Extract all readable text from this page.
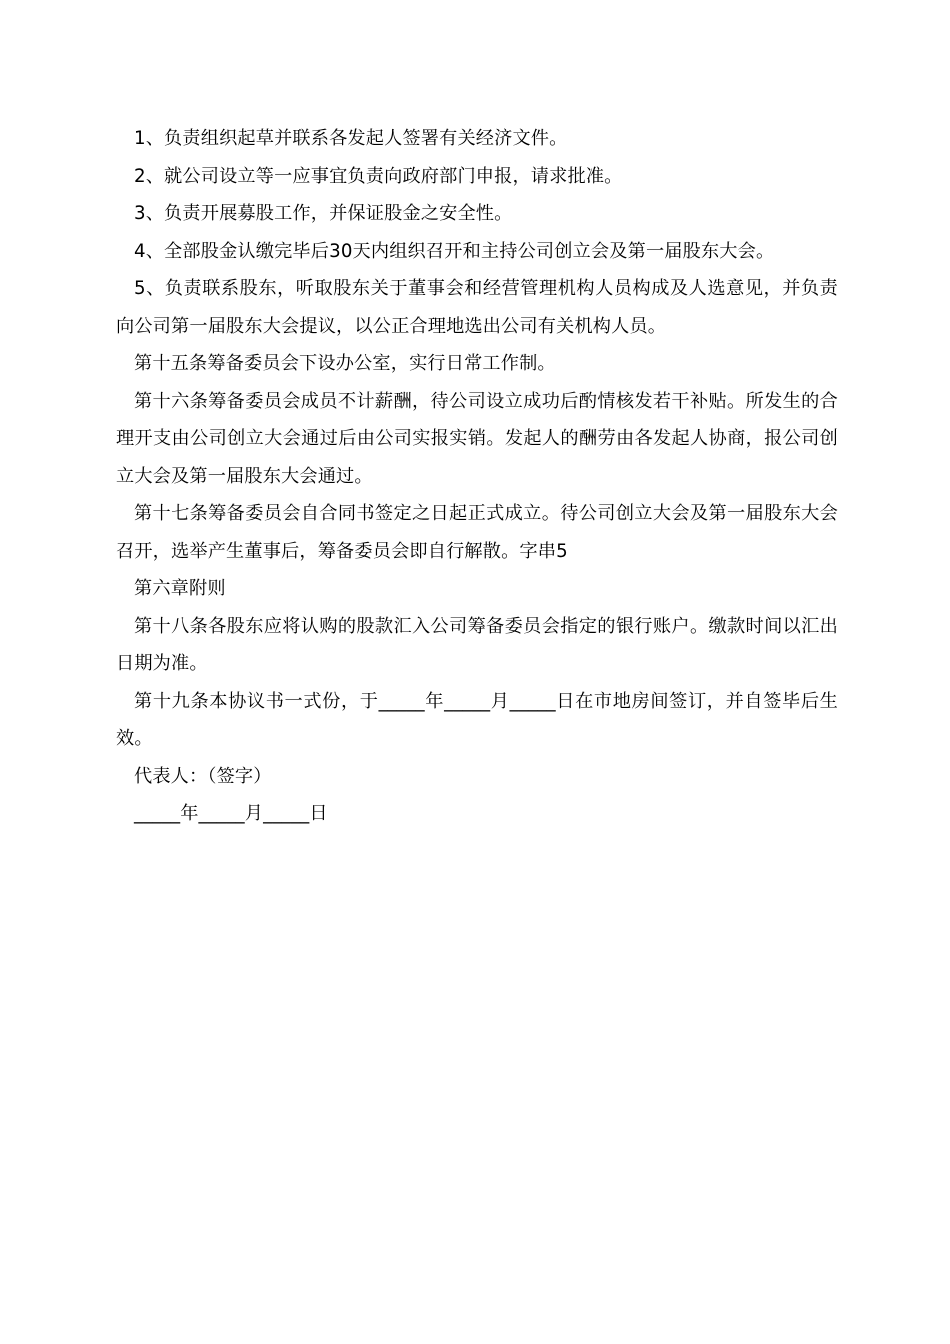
1、负责组织起草并联系各发起人签署有关经济文件。

2、就公司设立等一应事宜负责向政府部门申报，请求批准。

3、负责开展募股工作，并保证股金之安全性。

4、全部股金认缴完毕后30天内组织召开和主持公司创立会及第一届股东大会。

5、负责联系股东，听取股东关于董事会和经营管理机构人员构成及人选意见，并负责向公司第一届股东大会提议，以公正合理地选出公司有关机构人员。

第十五条筹备委员会下设办公室，实行日常工作制。

第十六条筹备委员会成员不计薪酬，待公司设立成功后酌情核发若干补贴。所发生的合理开支由公司创立大会通过后由公司实报实销。发起人的酬劳由各发起人协商，报公司创立大会及第一届股东大会通过。

第十七条筹备委员会自合同书签定之日起正式成立。待公司创立大会及第一届股东大会召开，选举产生董事后，筹备委员会即自行解散。字串5

第六章附则

第十八条各股东应将认购的股款汇入公司筹备委员会指定的银行账户。缴款时间以汇出日期为准。

第十九条本协议书一式份，于_____年_____月_____日在市地房间签订，并自签毕后生效。

代表人：（签字）

_____年_____月_____日
